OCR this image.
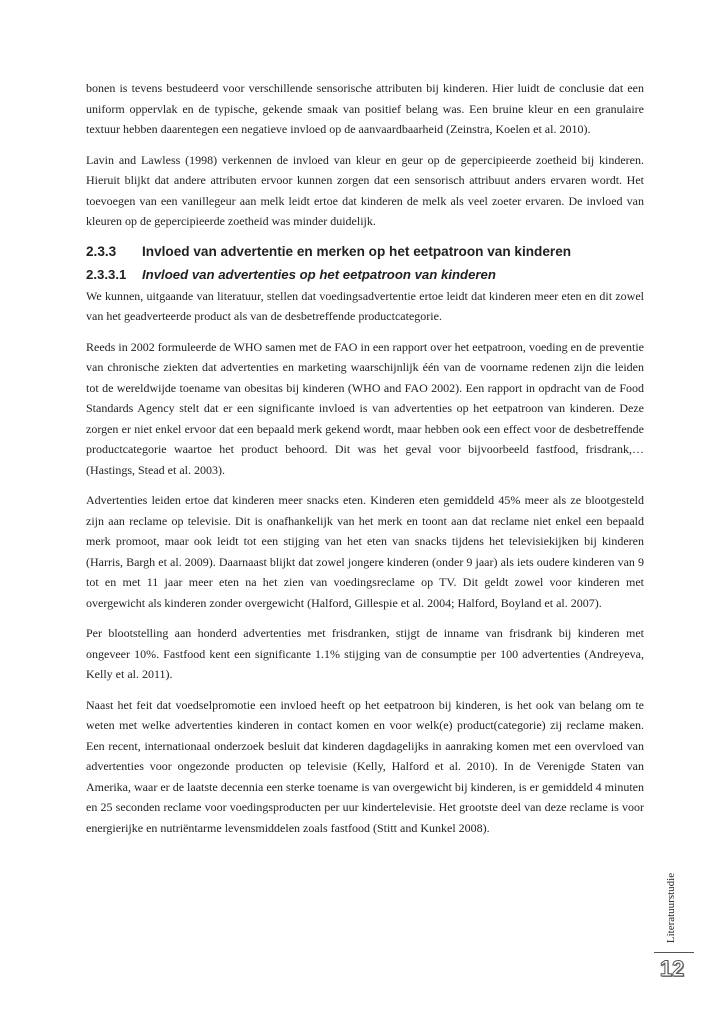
bonen is tevens bestudeerd voor verschillende sensorische attributen bij kinderen. Hier luidt de conclusie dat een uniform oppervlak en de typische, gekende smaak van positief belang was. Een bruine kleur en een granulaire textuur hebben daarentegen een negatieve invloed op de aanvaardbaarheid (Zeinstra, Koelen et al. 2010).

Lavin and Lawless (1998) verkennen de invloed van kleur en geur op de gepercipieerde zoetheid bij kinderen. Hieruit blijkt dat andere attributen ervoor kunnen zorgen dat een sensorisch attribuut anders ervaren wordt. Het toevoegen van een vanillegeur aan melk leidt ertoe dat kinderen de melk als veel zoeter ervaren. De invloed van kleuren op de gepercipieerde zoetheid was minder duidelijk.

2.3.3 Invloed van advertentie en merken op het eetpatroon van kinderen
2.3.3.1 Invloed van advertenties op het eetpatroon van kinderen

We kunnen, uitgaande van literatuur, stellen dat voedingsadvertentie ertoe leidt dat kinderen meer eten en dit zowel van het geadverteerde product als van de desbetreffende productcategorie.

Reeds in 2002 formuleerde de WHO samen met de FAO in een rapport over het eetpatroon, voeding en de preventie van chronische ziekten dat advertenties en marketing waarschijnlijk één van de voorname redenen zijn die leiden tot de wereldwijde toename van obesitas bij kinderen (WHO and FAO 2002). Een rapport in opdracht van de Food Standards Agency stelt dat er een significante invloed is van advertenties op het eetpatroon van kinderen. Deze zorgen er niet enkel ervoor dat een bepaald merk gekend wordt, maar hebben ook een effect voor de desbetreffende productcategorie waartoe het product behoord. Dit was het geval voor bijvoorbeeld fastfood, frisdrank,… (Hastings, Stead et al. 2003).

Advertenties leiden ertoe dat kinderen meer snacks eten. Kinderen eten gemiddeld 45% meer als ze blootgesteld zijn aan reclame op televisie. Dit is onafhankelijk van het merk en toont aan dat reclame niet enkel een bepaald merk promoot, maar ook leidt tot een stijging van het eten van snacks tijdens het televisiekijken bij kinderen (Harris, Bargh et al. 2009). Daarnaast blijkt dat zowel jongere kinderen (onder 9 jaar) als iets oudere kinderen van 9 tot en met 11 jaar meer eten na het zien van voedingsreclame op TV. Dit geldt zowel voor kinderen met overgewicht als kinderen zonder overgewicht (Halford, Gillespie et al. 2004; Halford, Boyland et al. 2007).

Per blootstelling aan honderd advertenties met frisdranken, stijgt de inname van frisdrank bij kinderen met ongeveer 10%. Fastfood kent een significante 1.1% stijging van de consumptie per 100 advertenties (Andreyeva, Kelly et al. 2011).

Naast het feit dat voedselpromotie een invloed heeft op het eetpatroon bij kinderen, is het ook van belang om te weten met welke advertenties kinderen in contact komen en voor welk(e) product(categorie) zij reclame maken. Een recent, internationaal onderzoek besluit dat kinderen dagdagelijks in aanraking komen met een overvloed van advertenties voor ongezonde producten op televisie (Kelly, Halford et al. 2010). In de Verenigde Staten van Amerika, waar er de laatste decennia een sterke toename is van overgewicht bij kinderen, is er gemiddeld 4 minuten en 25 seconden reclame voor voedingsproducten per uur kindertelevisie. Het grootste deel van deze reclame is voor energierijke en nutriëntarme levensmiddelen zoals fastfood (Stitt and Kunkel 2008).

Literatuurstudie
12
